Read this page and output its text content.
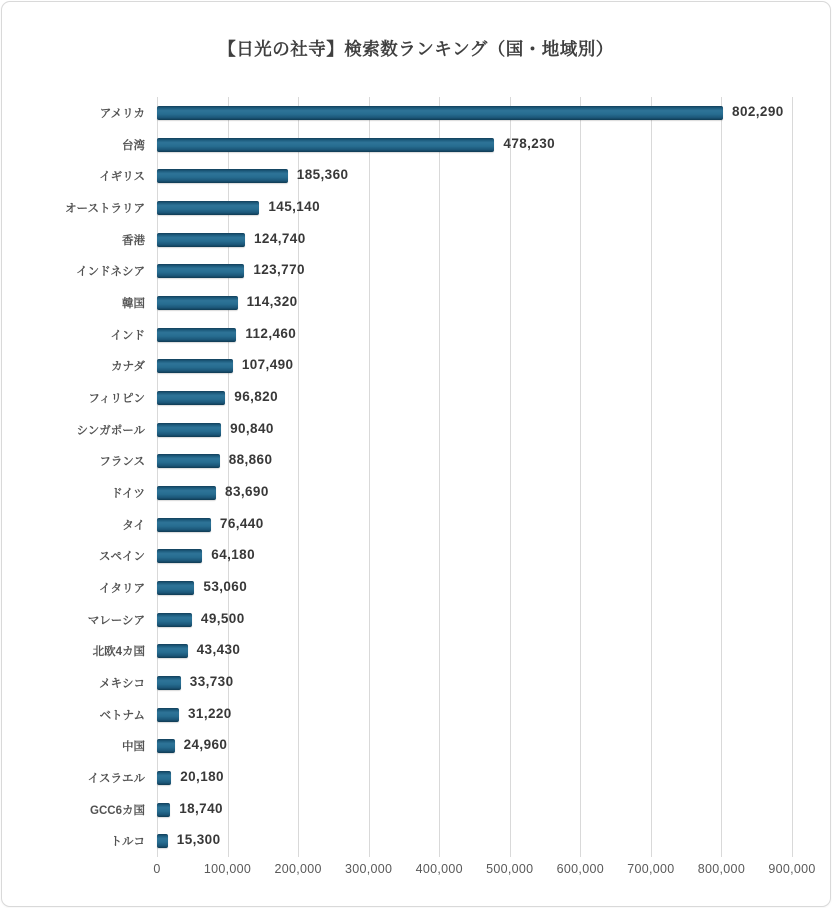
【日光の社寺】検索数ランキング（国・地域別）
アメリカ	802,290
台湾	478,230
イギリス	185,360
オーストラリア	145,140
香港	124,740
インドネシア	123,770
韓国	114,320
インド	112,460
カナダ	107,490
フィリピン	96,820
シンガポール	90,840
フランス	88,860
ドイツ	83,690
タイ	76,440
スペイン	64,180
イタリア	53,060
マレーシア	49,500
北欧4カ国	43,430
メキシコ	33,730
ベトナム	31,220
中国	24,960
イスラエル	20,180
GCC6カ国	18,740
トルコ 15,300
0	100,000	200,000	300,000	400,000	500,000	600,000	700,000	800,000	900,000
